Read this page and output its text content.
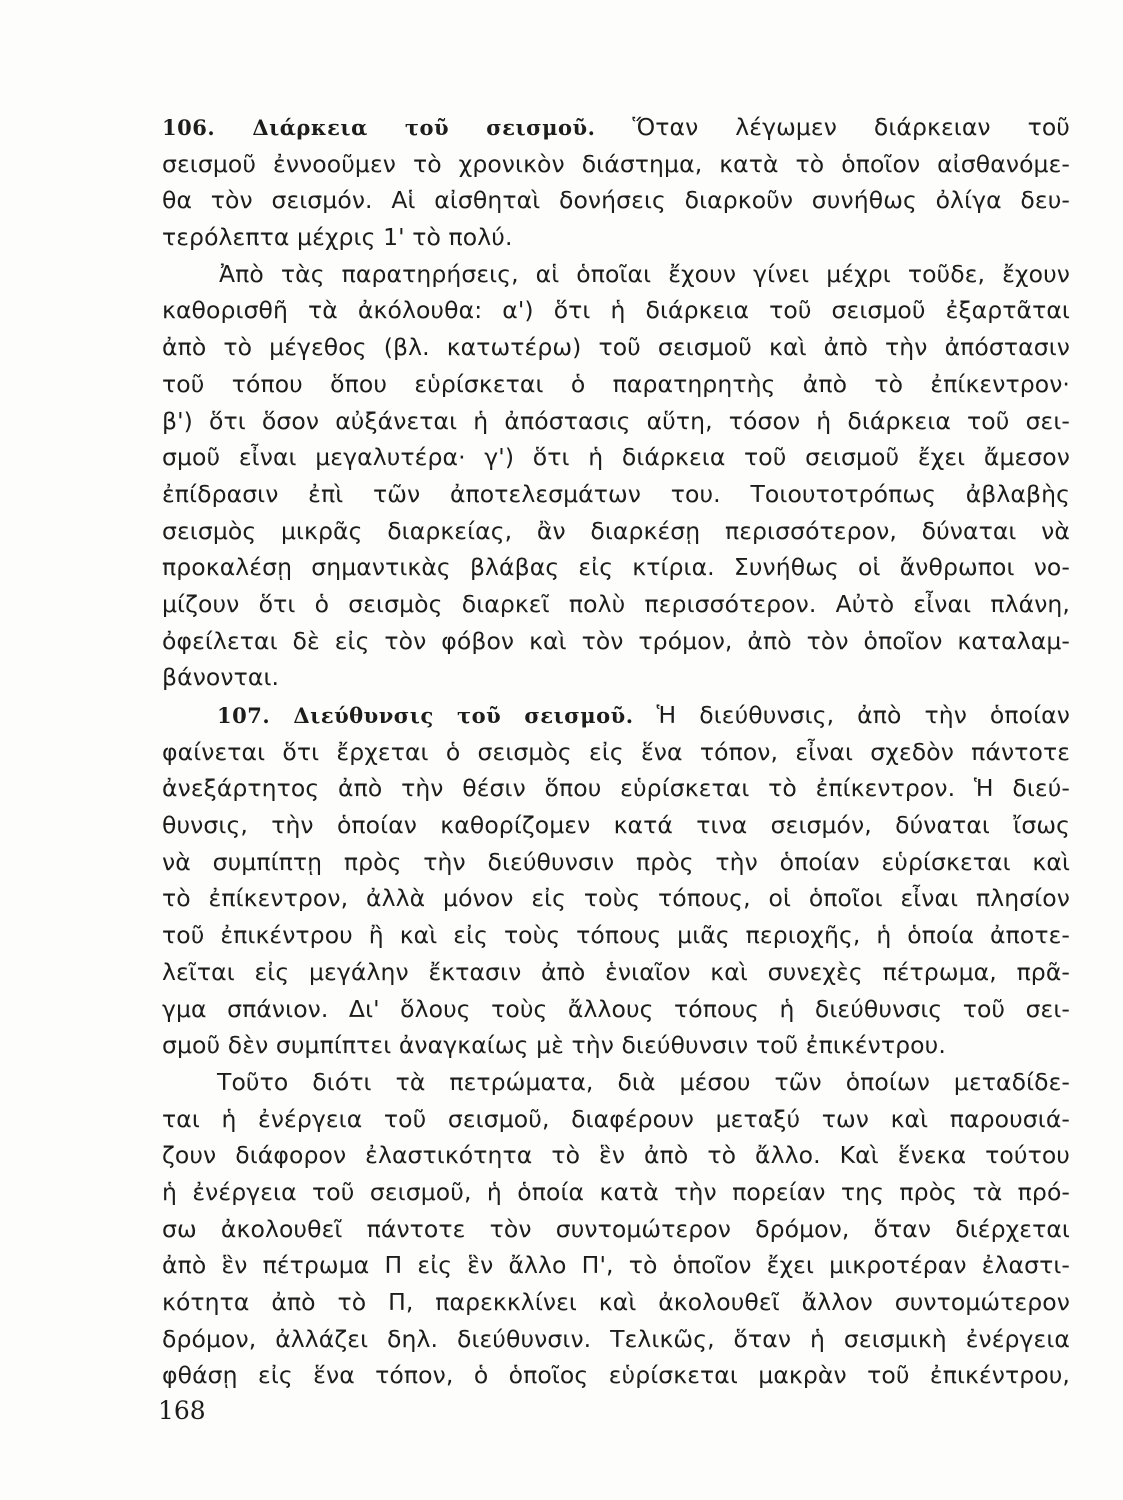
106. Διάρκεια τοῦ σεισμοῦ. Ὅταν λέγωμεν διάρκειαν τοῦ
σεισμοῦ ἐννοοῦμεν τὸ χρονικὸν διάστημα, κατὰ τὸ ὁποῖον αἰσθανόμε-
θα τὸν σεισμόν. Αἱ αἰσθηταὶ δονήσεις διαρκοῦν συνήθως ὀλίγα δευ-
τερόλεπτα μέχρις 1' τὸ πολύ.
Ἀπὸ τὰς παρατηρήσεις, αἱ ὁποῖαι ἔχουν γίνει μέχρι τοῦδε, ἔχουν
καθορισθῆ τὰ ἀκόλουθα: α') ὅτι ἡ διάρκεια τοῦ σεισμοῦ ἐξαρτᾶται
ἀπὸ τὸ μέγεθος (βλ. κατωτέρω) τοῦ σεισμοῦ καὶ ἀπὸ τὴν ἀπόστασιν
τοῦ τόπου ὅπου εὑρίσκεται ὁ παρατηρητὴς ἀπὸ τὸ ἐπίκεντρον·
β') ὅτι ὅσον αὐξάνεται ἡ ἀπόστασις αὕτη, τόσον ἡ διάρκεια τοῦ σει-
σμοῦ εἶναι μεγαλυτέρα· γ') ὅτι ἡ διάρκεια τοῦ σεισμοῦ ἔχει ἄμεσον
ἐπίδρασιν ἐπὶ τῶν ἀποτελεσμάτων του. Τοιουτοτρόπως ἀβλαβὴς
σεισμὸς μικρᾶς διαρκείας, ἂν διαρκέσῃ περισσότερον, δύναται νὰ
προκαλέσῃ σημαντικὰς βλάβας εἰς κτίρια. Συνήθως οἱ ἄνθρωποι νο-
μίζουν ὅτι ὁ σεισμὸς διαρκεῖ πολὺ περισσότερον. Αὐτὸ εἶναι πλάνη,
ὀφείλεται δὲ εἰς τὸν φόβον καὶ τὸν τρόμον, ἀπὸ τὸν ὁποῖον καταλαμ-
βάνονται.
107. Διεύθυνσις τοῦ σεισμοῦ. Ἡ διεύθυνσις, ἀπὸ τὴν ὁποίαν
φαίνεται ὅτι ἔρχεται ὁ σεισμὸς εἰς ἕνα τόπον, εἶναι σχεδὸν πάντοτε
ἀνεξάρτητος ἀπὸ τὴν θέσιν ὅπου εὑρίσκεται τὸ ἐπίκεντρον. Ἡ διεύ-
θυνσις, τὴν ὁποίαν καθορίζομεν κατά τινα σεισμόν, δύναται ἴσως
νὰ συμπίπτῃ πρὸς τὴν διεύθυνσιν πρὸς τὴν ὁποίαν εὑρίσκεται καὶ
τὸ ἐπίκεντρον, ἀλλὰ μόνον εἰς τοὺς τόπους, οἱ ὁποῖοι εἶναι πλησίον
τοῦ ἐπικέντρου ἢ καὶ εἰς τοὺς τόπους μιᾶς περιοχῆς, ἡ ὁποία ἀποτε-
λεῖται εἰς μεγάλην ἔκτασιν ἀπὸ ἑνιαῖον καὶ συνεχὲς πέτρωμα, πρᾶ-
γμα σπάνιον. Δι' ὅλους τοὺς ἄλλους τόπους ἡ διεύθυνσις τοῦ σει-
σμοῦ δὲν συμπίπτει ἀναγκαίως μὲ τὴν διεύθυνσιν τοῦ ἐπικέντρου.
Τοῦτο διότι τὰ πετρώματα, διὰ μέσου τῶν ὁποίων μεταδίδε-
ται ἡ ἐνέργεια τοῦ σεισμοῦ, διαφέρουν μεταξύ των καὶ παρουσιά-
ζουν διάφορον ἐλαστικότητα τὸ ἓν ἀπὸ τὸ ἄλλο. Καὶ ἕνεκα τούτου
ἡ ἐνέργεια τοῦ σεισμοῦ, ἡ ὁποία κατὰ τὴν πορείαν της πρὸς τὰ πρό-
σω ἀκολουθεῖ πάντοτε τὸν συντομώτερον δρόμον, ὅταν διέρχεται
ἀπὸ ἓν πέτρωμα Π εἰς ἓν ἄλλο Π', τὸ ὁποῖον ἔχει μικροτέραν ἐλαστι-
κότητα ἀπὸ τὸ Π, παρεκκλίνει καὶ ἀκολουθεῖ ἄλλον συντομώτερον
δρόμον, ἀλλάζει δηλ. διεύθυνσιν. Τελικῶς, ὅταν ἡ σεισμικὴ ἐνέργεια
φθάσῃ εἰς ἕνα τόπον, ὁ ὁποῖος εὑρίσκεται μακρὰν τοῦ ἐπικέντρου,
168
